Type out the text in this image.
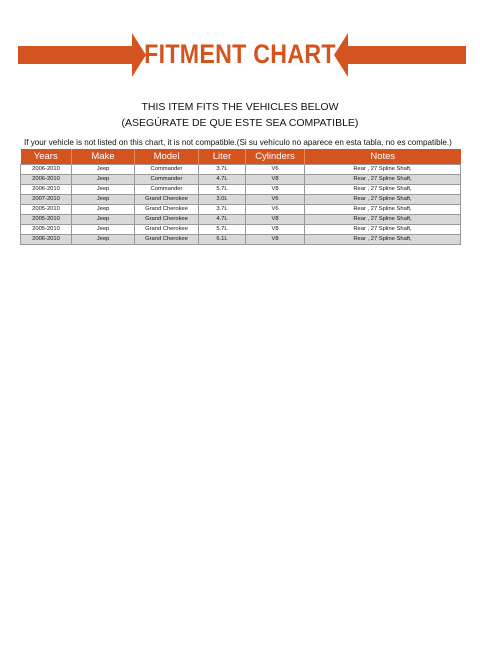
FITMENT CHART
THIS ITEM FITS THE VEHICLES BELOW
(ASEGÚRATE DE QUE ESTE SEA COMPATIBLE)
If your vehicle is not listed on this chart, it is not compatible.(Si su vehículo no aparece en esta tabla, no es compatible.)
Years	Make	Model	Liter	Cylinders	Notes
2006-2010	Jeep	Commander	3.7L	V6	Rear , 27 Spline Shaft,
2006-2010	Jeep	Commander	4.7L	V8	Rear , 27 Spline Shaft,
2006-2010	Jeep	Commander	5.7L	V8	Rear , 27 Spline Shaft,
2007-2010	Jeep	Grand Cherokee	3.0L	V6	Rear , 27 Spline Shaft,
2005-2010	Jeep	Grand Cherokee	3.7L	V6	Rear , 27 Spline Shaft,
2005-2010	Jeep	Grand Cherokee	4.7L	V8	Rear , 27 Spline Shaft,
2005-2010	Jeep	Grand Cherokee	5.7L	V8	Rear , 27 Spline Shaft,
2006-2010	Jeep	Grand Cherokee	6.1L	V8	Rear , 27 Spline Shaft,
